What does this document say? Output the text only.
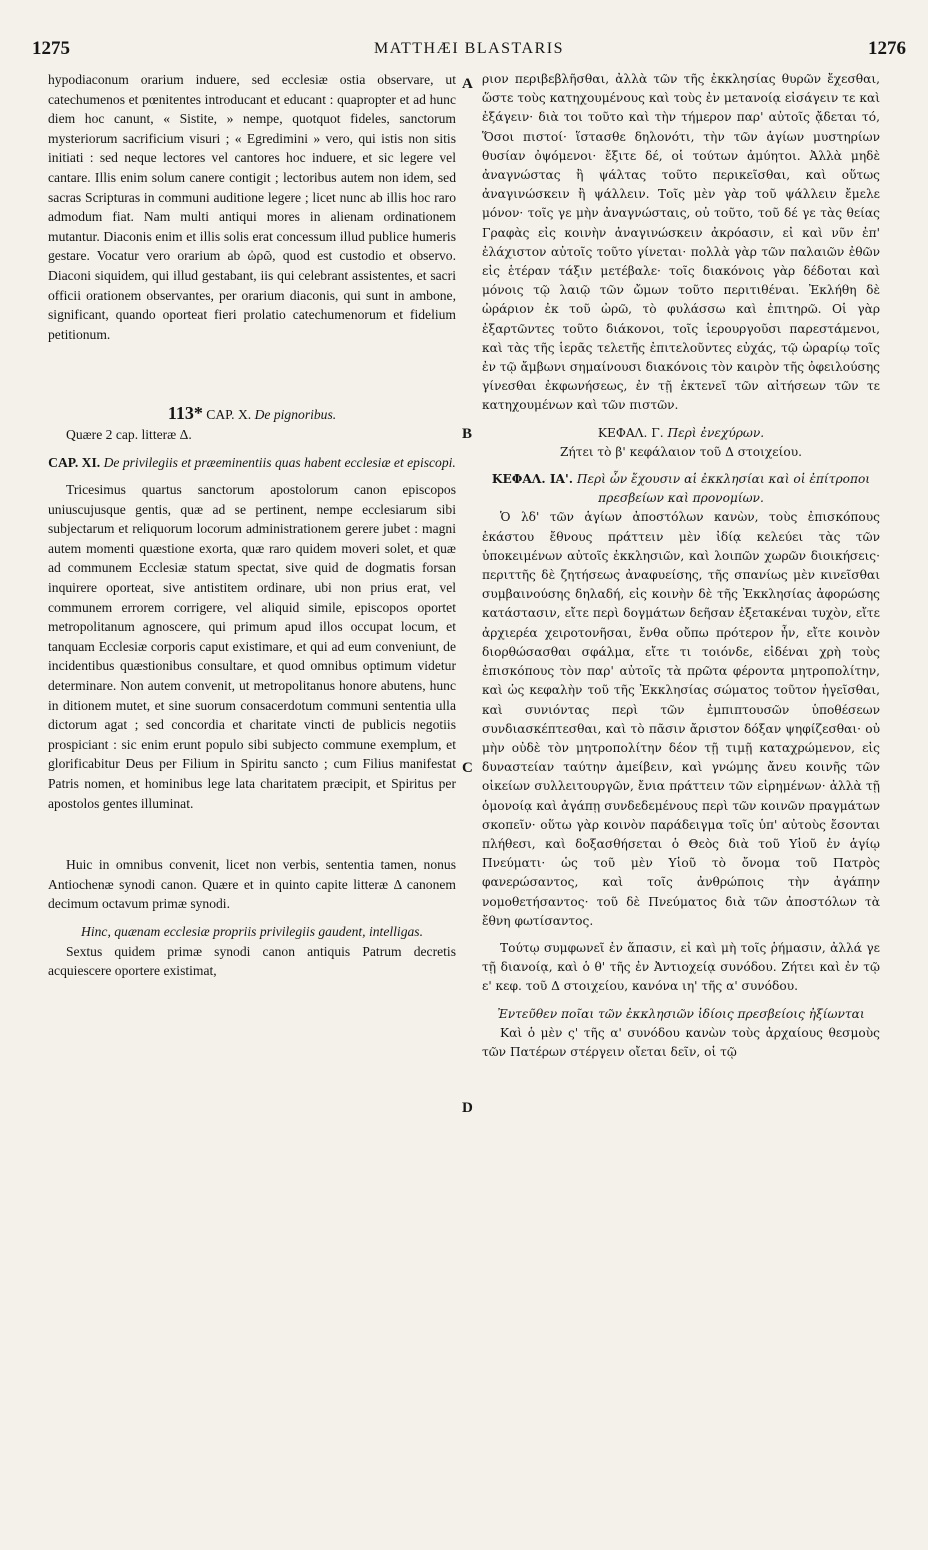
1275	MATTHÆI BLASTARIS	1276
A
B
C
D

hypodiaconum orarium induere, sed ecclesiæ ostia observare, ut catechumenos et pœnitentes introducant et educant : quapropter et ad hunc diem hoc canunt, « Sistite, » nempe, quotquot fideles, sanctorum mysteriorum sacrificium visuri ; « Egredimini » vero, qui istis non sitis initiati : sed neque lectores vel cantores hoc induere, et sic legere vel cantare. Illis enim solum canere contigit ; lectoribus autem non idem, sed sacras Scripturas in communi auditione legere ; licet nunc ab illis hoc raro admodum fiat. Nam multi antiqui mores in alienam ordinationem mutantur. Diaconis enim et illis solis erat concessum illud publice humeris gestare. Vocatur vero orarium ab ὠρῶ, quod est custodio et observo. Diaconi siquidem, qui illud gestabant, iis qui celebrant assistentes, et sacri officii orationem observantes, per orarium diaconis, qui sunt in ambone, significant, quando oporteat fieri prolatio catechumenorum et fidelium petitionum.

113* CAP. X. De pignoribus.

Quære 2 cap. litteræ Δ.

CAP. XI. De privilegiis et præeminentiis quas habent ecclesiæ et episcopi.

Tricesimus quartus sanctorum apostolorum canon episcopos uniuscujusque gentis, quæ ad se pertinent, nempe ecclesiarum sibi subjectarum et reliquorum locorum administrationem gerere jubet : magni autem momenti quæstione exorta, quæ raro quidem moveri solet, et quæ ad communem Ecclesiæ statum spectat, sive quid de dogmatis forsan inquirere oporteat, sive antistitem ordinare, ubi non prius erat, vel communem errorem corrigere, vel aliquid simile, episcopos oportet metropolitanum agnoscere, qui primum apud illos occupat locum, et tanquam Ecclesiæ corporis caput existimare, et qui ad eum conveniunt, de incidentibus quæstionibus consultare, et quod omnibus optimum videtur determinare. Non autem convenit, ut metropolitanus honore abutens, hunc in ditionem mutet, et sine suorum consacerdotum communi sententia ulla dictorum agat ; sed concordia et charitate vincti de publicis negotiis prospiciant : sic enim erunt populo sibi subjecto commune exemplum, et glorificabitur Deus per Filium in Spiritu sancto ; cum Filius manifestat Patris nomen, et hominibus lege lata charitatem præcipit, et Spiritus per apostolos gentes illuminat.

Huic in omnibus convenit, licet non verbis, sententia tamen, nonus Antiochenæ synodi canon. Quære et in quinto capite litteræ Δ canonem decimum octavum primæ synodi.

Hinc, quænam ecclesiæ propriis privilegiis gaudent, intelligas.

Sextus quidem primæ synodi canon antiquis Patrum decretis acquiescere oportere existimat,

ριον περιβεβλῆσθαι, ἀλλὰ τῶν τῆς ἐκκλησίας θυρῶν ἔχεσθαι, ὥστε τοὺς κατηχουμένους καὶ τοὺς ἐν μετανοίᾳ εἰσάγειν τε καὶ ἐξάγειν· διὰ τοι τοῦτο καὶ τὴν τήμερον παρ' αὐτοῖς ᾄδεται τό, Ὅσοι πιστοί· ἵστασθε δηλονότι, τὴν τῶν ἁγίων μυστηρίων θυσίαν ὀψόμενοι· ἔξιτε δέ, οἱ τούτων ἀμύητοι. Ἀλλὰ μηδὲ ἀναγνώστας ἢ ψάλτας τοῦτο περικεῖσθαι, καὶ οὕτως ἀναγινώσκειν ἢ ψάλλειν. Τοῖς μὲν γὰρ τοῦ ψάλλειν ἔμελε μόνον· τοῖς γε μὴν ἀναγνώσταις, οὐ τοῦτο, τοῦ δέ γε τὰς θείας Γραφὰς εἰς κοινὴν ἀναγινώσκειν ἀκρόασιν, εἰ καὶ νῦν ἐπ' ἐλάχιστον αὐτοῖς τοῦτο γίνεται· πολλὰ γὰρ τῶν παλαιῶν ἐθῶν εἰς ἑτέραν τάξιν μετέβαλε· τοῖς διακόνοις γὰρ δέδοται καὶ μόνοις τῷ λαιῷ τῶν ὤμων τοῦτο περιτιθέναι. Ἐκλήθη δὲ ὠράριον ἐκ τοῦ ὠρῶ, τὸ φυλάσσω καὶ ἐπιτηρῶ. Οἱ γὰρ ἐξαρτῶντες τοῦτο διάκονοι, τοῖς ἱερουργοῦσι παρεστάμενοι, καὶ τὰς τῆς ἱερᾶς τελετῆς ἐπιτελοῦντες εὐχάς, τῷ ὠραρίῳ τοῖς ἐν τῷ ἄμβωνι σημαίνουσι διακόνοις τὸν καιρὸν τῆς ὀφειλούσης γίνεσθαι ἐκφωνήσεως, ἐν τῇ ἐκτενεῖ τῶν αἰτήσεων τῶν τε κατηχουμένων καὶ τῶν πιστῶν.

ΚΕΦΑΛ. Γ. Περὶ ἐνεχύρων.

Ζήτει τὸ β' κεφάλαιον τοῦ Δ στοιχείου.

ΚΕΦΑΛ. ΙΑ'. Περὶ ὧν ἔχουσιν αἱ ἐκκλησίαι καὶ οἱ ἐπίτροποι πρεσβείων καὶ προνομίων.

Ὁ λδ' τῶν ἁγίων ἀποστόλων κανὼν, τοὺς ἐπισκόπους ἑκάστου ἔθνους πράττειν μὲν ἰδίᾳ κελεύει τὰς τῶν ὑποκειμένων αὐτοῖς ἐκκλησιῶν, καὶ λοιπῶν χωρῶν διοικήσεις· περιττῆς δὲ ζητήσεως ἀναφυείσης, τῆς σπανίως μὲν κινεῖσθαι συμβαινούσης δηλαδή, εἰς κοινὴν δὲ τῆς Ἐκκλησίας ἀφορώσης κατάστασιν, εἴτε περὶ δογμάτων δεῆσαν ἐξετακέναι τυχὸν, εἴτε ἀρχιερέα χειροτονῆσαι, ἔνθα οὔπω πρότερον ἦν, εἴτε κοινὸν διορθώσασθαι σφάλμα, εἴτε τι τοιόνδε, εἰδέναι χρὴ τοὺς ἐπισκόπους τὸν παρ' αὐτοῖς τὰ πρῶτα φέροντα μητροπολίτην, καὶ ὡς κεφαλὴν τοῦ τῆς Ἐκκλησίας σώματος τοῦτον ἡγεῖσθαι, καὶ συνιόντας περὶ τῶν ἐμπιπτουσῶν ὑποθέσεων συνδιασκέπτεσθαι, καὶ τὸ πᾶσιν ἄριστον δόξαν ψηφίζεσθαι· οὐ μὴν οὐδὲ τὸν μητροπολίτην δέον τῇ τιμῇ καταχρώμενον, εἰς δυναστείαν ταύτην ἀμείβειν, καὶ γνώμης ἄνευ κοινῆς τῶν οἰκείων συλλειτουργῶν, ἔνια πράττειν τῶν εἰρημένων· ἀλλὰ τῇ ὁμονοίᾳ καὶ ἀγάπῃ συνδεδεμένους περὶ τῶν κοινῶν πραγμάτων σκοπεῖν· οὕτω γὰρ κοινὸν παράδειγμα τοῖς ὑπ' αὐτοὺς ἔσονται πλήθεσι, καὶ δοξασθήσεται ὁ Θεὸς διὰ τοῦ Υἱοῦ ἐν ἁγίῳ Πνεύματι· ὡς τοῦ μὲν Υἱοῦ τὸ ὄνομα τοῦ Πατρὸς φανερώσαντος, καὶ τοῖς ἀνθρώποις τὴν ἀγάπην νομοθετήσαντος· τοῦ δὲ Πνεύματος διὰ τῶν ἀποστόλων τὰ ἔθνη φωτίσαντος.

Τούτῳ συμφωνεῖ ἐν ἅπασιν, εἰ καὶ μὴ τοῖς ῥήμασιν, ἀλλά γε τῇ διανοίᾳ, καὶ ὁ θ' τῆς ἐν Ἀντιοχείᾳ συνόδου. Ζήτει καὶ ἐν τῷ ε' κεφ. τοῦ Δ στοιχείου, κανόνα ιη' τῆς α' συνόδου.

Ἐντεῦθεν ποῖαι τῶν ἐκκλησιῶν ἰδίοις πρεσβείοις ἠξίωνται

Καὶ ὁ μὲν ς' τῆς α' συνόδου κανὼν τοὺς ἀρχαίους θεσμοὺς τῶν Πατέρων στέργειν οἴεται δεῖν, οἱ τῷ
